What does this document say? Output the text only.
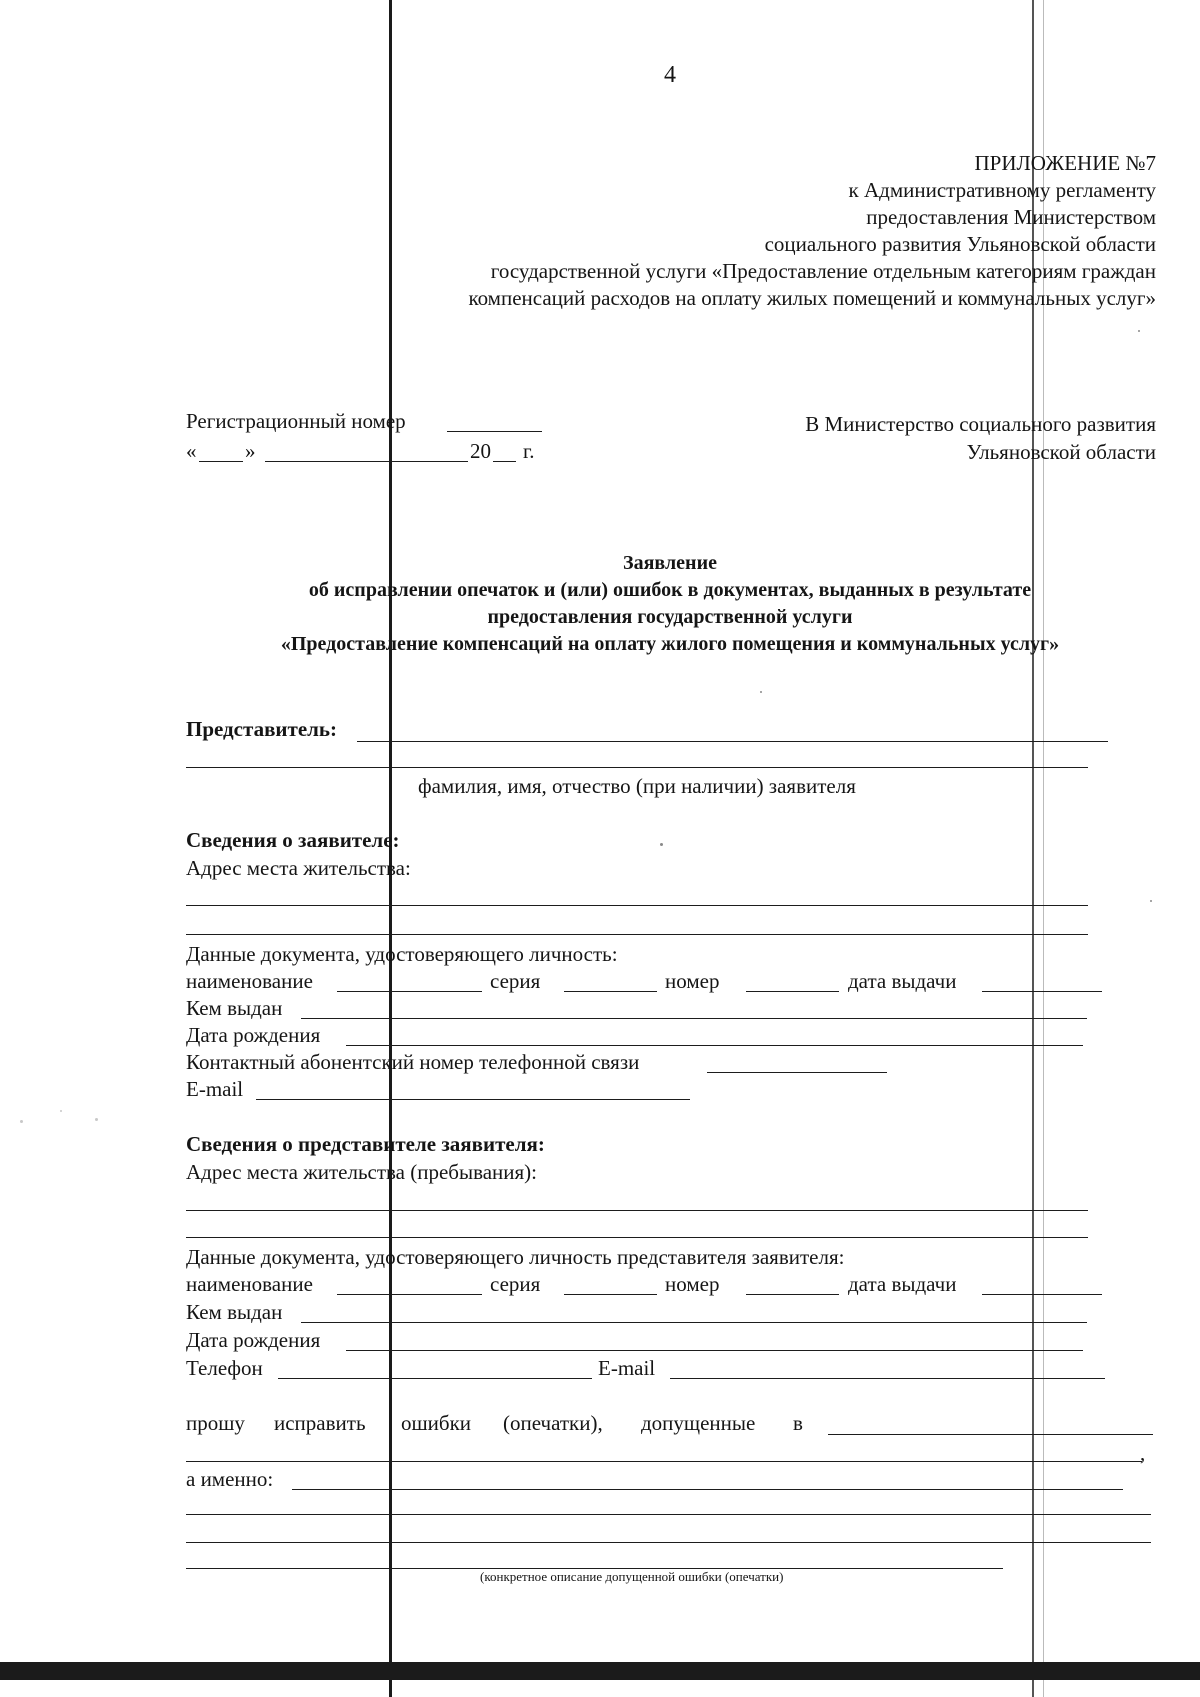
4
ПРИЛОЖЕНИЕ №7
к Административному регламенту
предоставления Министерством
социального развития Ульяновской области
государственной услуги «Предоставление отдельным категориям граждан
компенсаций расходов на оплату жилых помещений и коммунальных услуг»
Регистрационный номер
« »	20 г.
В Министерство социального развития
Ульяновской области
Заявление
об исправлении опечаток и (или) ошибок в документах, выданных в результате
предоставления государственной услуги
«Предоставление компенсаций на оплату жилого помещения и коммунальных услуг»
Представитель:
фамилия, имя, отчество (при наличии) заявителя
Сведения о заявителе:
Адрес места жительства:
Данные документа, удостоверяющего личность:
наименование	серия	номер	дата выдачи
Кем выдан
Дата рождения
Контактный абонентский номер телефонной связи
E-mail
Сведения о представителе заявителя:
Адрес места жительства (пребывания):
Данные документа, удостоверяющего личность представителя заявителя:
наименование	серия	номер	дата выдачи
Кем выдан
Дата рождения
Телефон	E-mail
прошу исправить ошибки (опечатки), допущенные в
,
а именно:
(конкретное описание допущенной ошибки (опечатки)
